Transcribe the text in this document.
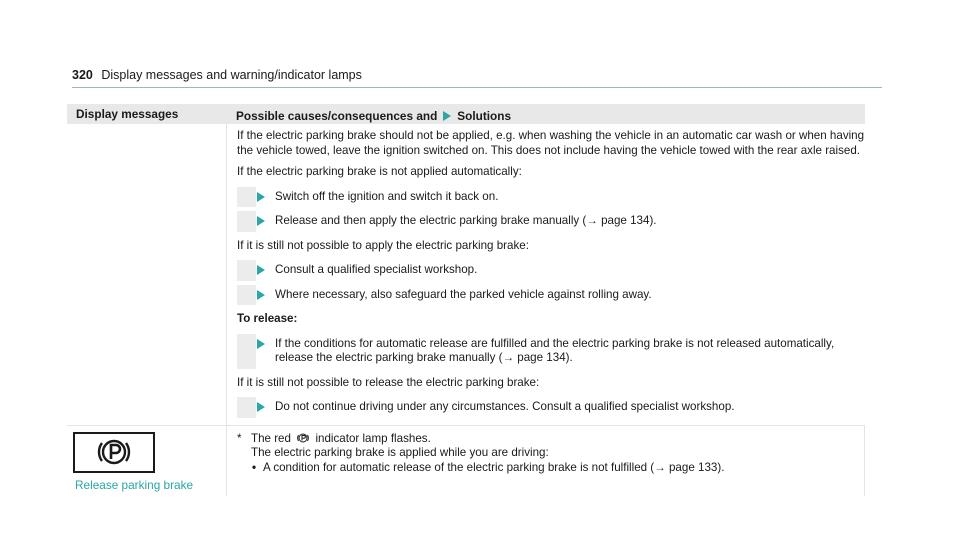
320 Display messages and warning/indicator lamps
Display messages	Possible causes/consequences and Solutions

If the electric parking brake should not be applied, e.g. when washing the vehicle in an automatic car wash or when having the vehicle towed, leave the ignition switched on. This does not include having the vehicle towed with the rear axle raised.

If the electric parking brake is not applied automatically:

Switch off the ignition and switch it back on.
Release and then apply the electric parking brake manually (→ page 134).

If it is still not possible to apply the electric parking brake:

Consult a qualified specialist workshop.
Where necessary, also safeguard the parked vehicle against rolling away.

To release:

If the conditions for automatic release are fulfilled and the electric parking brake is not released automatically, release the electric parking brake manually (→ page 134).

If it is still not possible to release the electric parking brake:

Do not continue driving under any circumstances. Consult a qualified specialist workshop.
Release parking brake
* The red indicator lamp flashes.
The electric parking brake is applied while you are driving:
• A condition for automatic release of the electric parking brake is not fulfilled (→ page 133).
